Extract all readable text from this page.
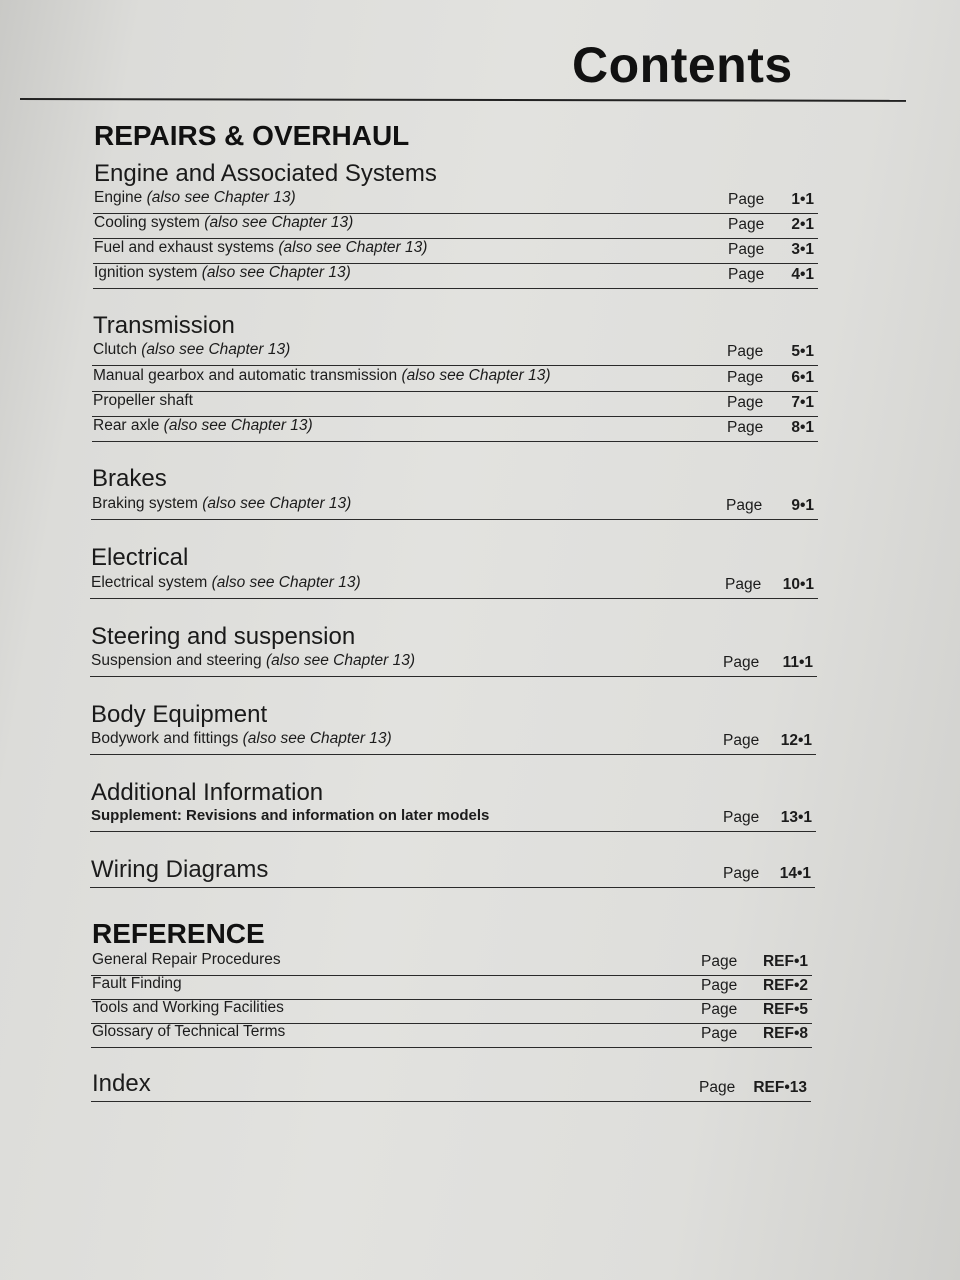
Contents
REPAIRS & OVERHAUL
Engine and Associated Systems
Engine (also see Chapter 13)	Page 1•1
Cooling system (also see Chapter 13)	Page 2•1
Fuel and exhaust systems (also see Chapter 13)	Page 3•1
Ignition system (also see Chapter 13)	Page 4•1
Transmission
Clutch (also see Chapter 13)	Page 5•1
Manual gearbox and automatic transmission (also see Chapter 13)	Page 6•1
Propeller shaft	Page 7•1
Rear axle (also see Chapter 13)	Page 8•1
Brakes
Braking system (also see Chapter 13)	Page 9•1
Electrical
Electrical system (also see Chapter 13)	Page 10•1
Steering and suspension
Suspension and steering (also see Chapter 13)	Page 11•1
Body Equipment
Bodywork and fittings (also see Chapter 13)	Page 12•1
Additional Information
Supplement: Revisions and information on later models	Page 13•1
Wiring Diagrams	Page 14•1
REFERENCE
General Repair Procedures	Page REF•1
Fault Finding	Page REF•2
Tools and Working Facilities	Page REF•5
Glossary of Technical Terms	Page REF•8
Index	Page REF•13
